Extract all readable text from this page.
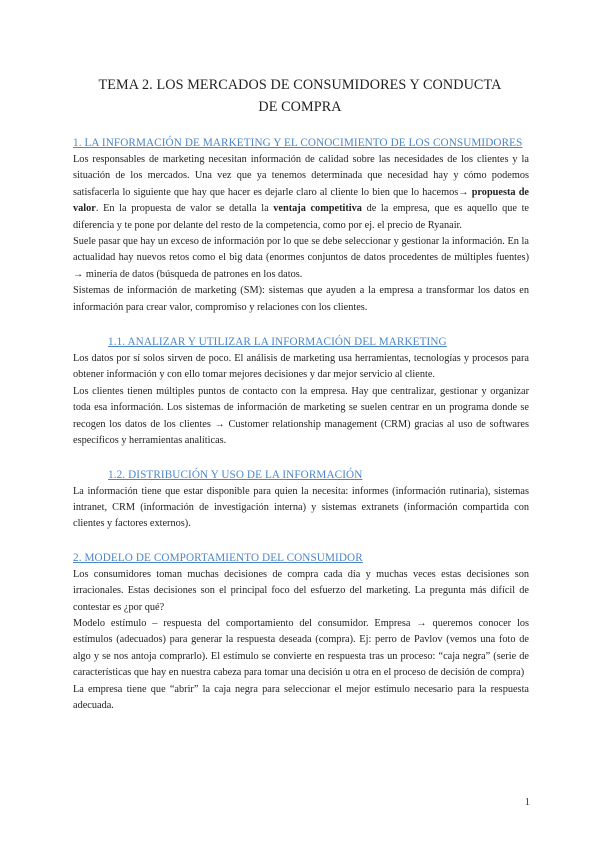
TEMA 2. LOS MERCADOS DE CONSUMIDORES Y CONDUCTA
DE COMPRA
1. LA INFORMACIÓN DE MARKETING Y EL CONOCIMIENTO DE LOS CONSUMIDORES

Los responsables de marketing necesitan información de calidad sobre las necesidades de los clientes y la situación de los mercados. Una vez que ya tenemos determinada que necesidad hay y cómo podemos satisfacerla lo siguiente que hay que hacer es dejarle claro al cliente lo bien que lo hacemos→ propuesta de valor. En la propuesta de valor se detalla la ventaja competitiva de la empresa, que es aquello que te diferencia y te pone por delante del resto de la competencia, como por ej. el precio de Ryanair.

Suele pasar que hay un exceso de información por lo que se debe seleccionar y gestionar la información. En la actualidad hay nuevos retos como el big data (enormes conjuntos de datos procedentes de múltiples fuentes) → minería de datos (búsqueda de patrones en los datos.

Sistemas de información de marketing (SM): sistemas que ayuden a la empresa a transformar los datos en información para crear valor, compromiso y relaciones con los clientes.

1.1. ANALIZAR Y UTILIZAR LA INFORMACIÓN DEL MARKETING

Los datos por sí solos sirven de poco. El análisis de marketing usa herramientas, tecnologías y procesos para obtener información y con ello tomar mejores decisiones y dar mejor servicio al cliente.

Los clientes tienen múltiples puntos de contacto con la empresa. Hay que centralizar, gestionar y organizar toda esa información. Los sistemas de información de marketing se suelen centrar en un programa donde se recogen los datos de los clientes → Customer relationship management (CRM) gracias al uso de softwares específicos y herramientas analíticas.

1.2. DISTRIBUCIÓN Y USO DE LA INFORMACIÓN

La información tiene que estar disponible para quien la necesita: informes (información rutinaria), sistemas intranet, CRM (información de investigación interna) y sistemas extranets (información compartida con clientes y factores externos).

2. MODELO DE COMPORTAMIENTO DEL CONSUMIDOR

Los consumidores toman muchas decisiones de compra cada día y muchas veces estas decisiones son irracionales. Estas decisiones son el principal foco del esfuerzo del marketing. La pregunta más difícil de contestar es ¿por qué?

Modelo estímulo – respuesta del comportamiento del consumidor. Empresa → queremos conocer los estímulos (adecuados) para generar la respuesta deseada (compra). Ej: perro de Pavlov (vemos una foto de algo y se nos antoja comprarlo). El estímulo se convierte en respuesta tras un proceso: “caja negra” (serie de características que hay en nuestra cabeza para tomar una decisión u otra en el proceso de decisión de compra)

La empresa tiene que “abrir” la caja negra para seleccionar el mejor estímulo necesario para la respuesta adecuada.

1
